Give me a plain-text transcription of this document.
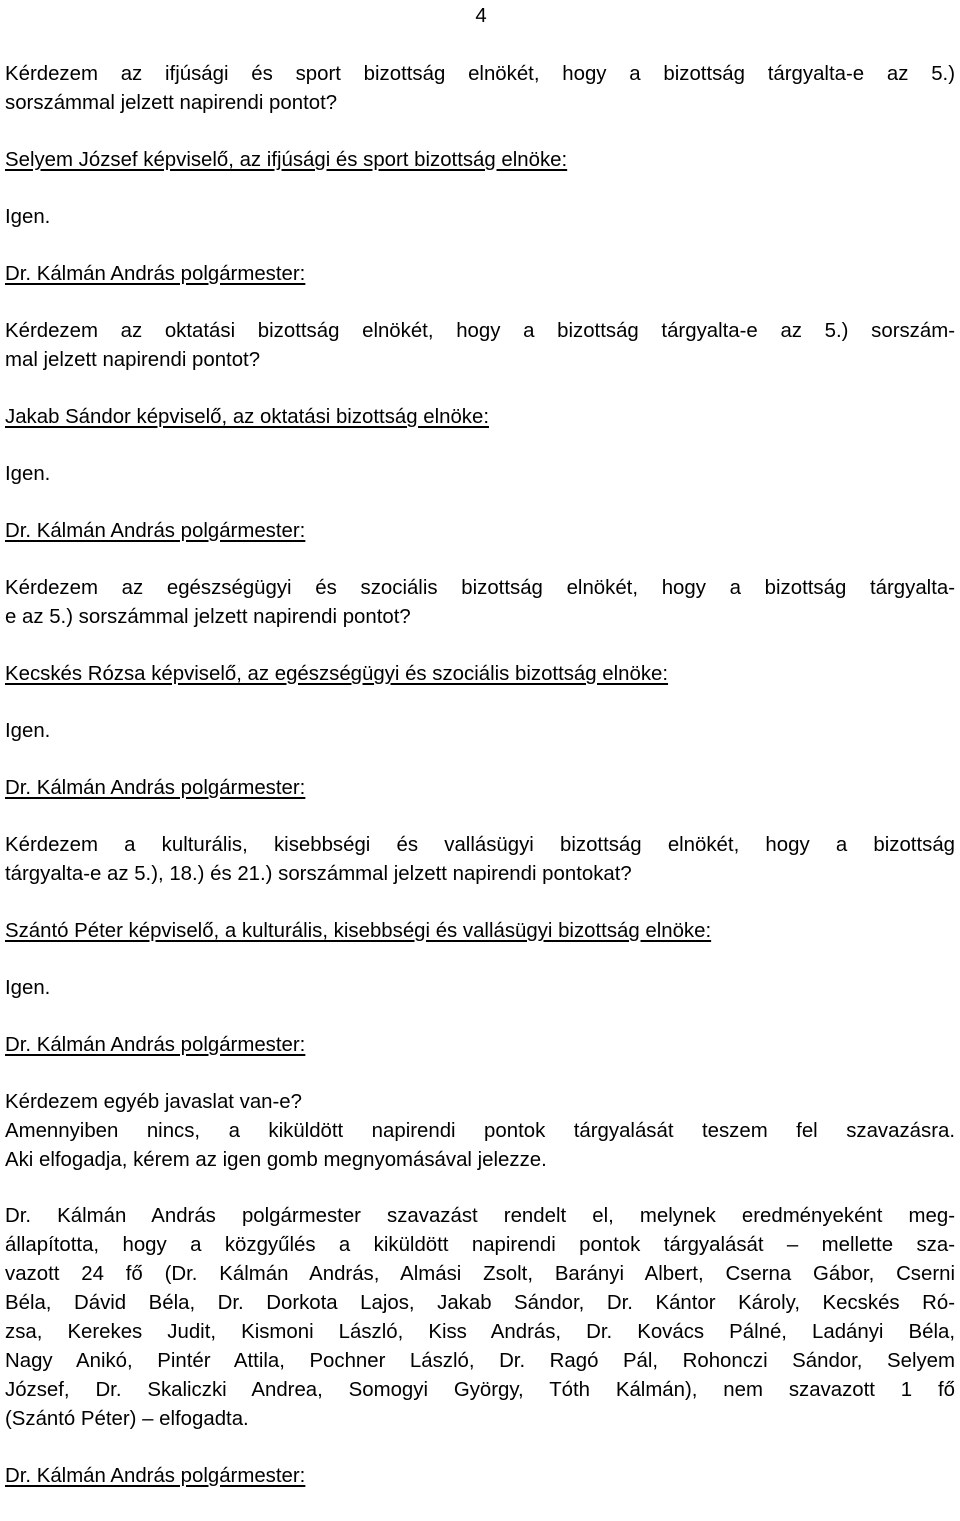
4
Kérdezem az ifjúsági és sport bizottság elnökét, hogy a bizottság tárgyalta-e az 5.)
sorszámmal jelzett napirendi pontot?
Selyem József képviselő, az ifjúsági és sport bizottság elnöke:
Igen.
Dr. Kálmán András polgármester:
Kérdezem az oktatási bizottság elnökét, hogy a bizottság tárgyalta-e az 5.) sorszám-
mal jelzett napirendi pontot?
Jakab Sándor képviselő, az oktatási bizottság elnöke:
Igen.
Dr. Kálmán András polgármester:
Kérdezem az egészségügyi és szociális bizottság elnökét, hogy a bizottság tárgyalta-
e az 5.) sorszámmal jelzett napirendi pontot?
Kecskés Rózsa képviselő, az egészségügyi és szociális bizottság elnöke:
Igen.
Dr. Kálmán András polgármester:
Kérdezem a kulturális, kisebbségi és vallásügyi bizottság elnökét, hogy a bizottság
tárgyalta-e az 5.), 18.) és 21.) sorszámmal jelzett napirendi pontokat?
Szántó Péter képviselő, a kulturális, kisebbségi és vallásügyi bizottság elnöke:
Igen.
Dr. Kálmán András polgármester:
Kérdezem egyéb javaslat van-e?
Amennyiben nincs, a kiküldött napirendi pontok tárgyalását teszem fel szavazásra.
Aki elfogadja, kérem az igen gomb megnyomásával jelezze.
Dr. Kálmán András polgármester szavazást rendelt el, melynek eredményeként meg-
állapította, hogy a közgyűlés a kiküldött napirendi pontok tárgyalását – mellette sza-
vazott 24 fő (Dr. Kálmán András, Almási Zsolt, Barányi Albert, Cserna Gábor, Cserni
Béla, Dávid Béla, Dr. Dorkota Lajos, Jakab Sándor, Dr. Kántor Károly, Kecskés Ró-
zsa, Kerekes Judit, Kismoni László, Kiss András, Dr. Kovács Pálné, Ladányi Béla,
Nagy Anikó, Pintér Attila, Pochner László, Dr. Ragó Pál, Rohonczi Sándor, Selyem
József, Dr. Skaliczki Andrea, Somogyi György, Tóth Kálmán), nem szavazott 1 fő
(Szántó Péter) – elfogadta.
Dr. Kálmán András polgármester:
